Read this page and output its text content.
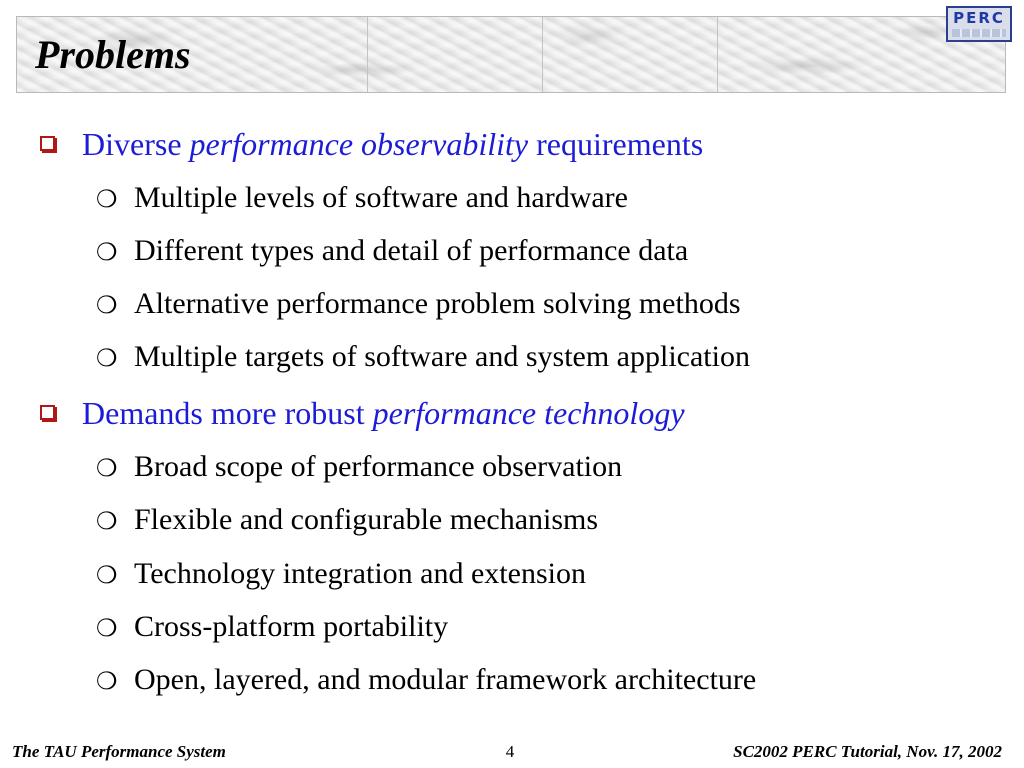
Problems
PERC
Diverse performance observability requirements
❍ Multiple levels of software and hardware
❍ Different types and detail of performance data
❍ Alternative performance problem solving methods
❍ Multiple targets of software and system application
Demands more robust performance technology
❍ Broad scope of performance observation
❍ Flexible and configurable mechanisms
❍ Technology integration and extension
❍ Cross-platform portability
❍ Open, layered, and modular framework architecture
The TAU Performance System	4	SC2002 PERC Tutorial, Nov. 17, 2002
